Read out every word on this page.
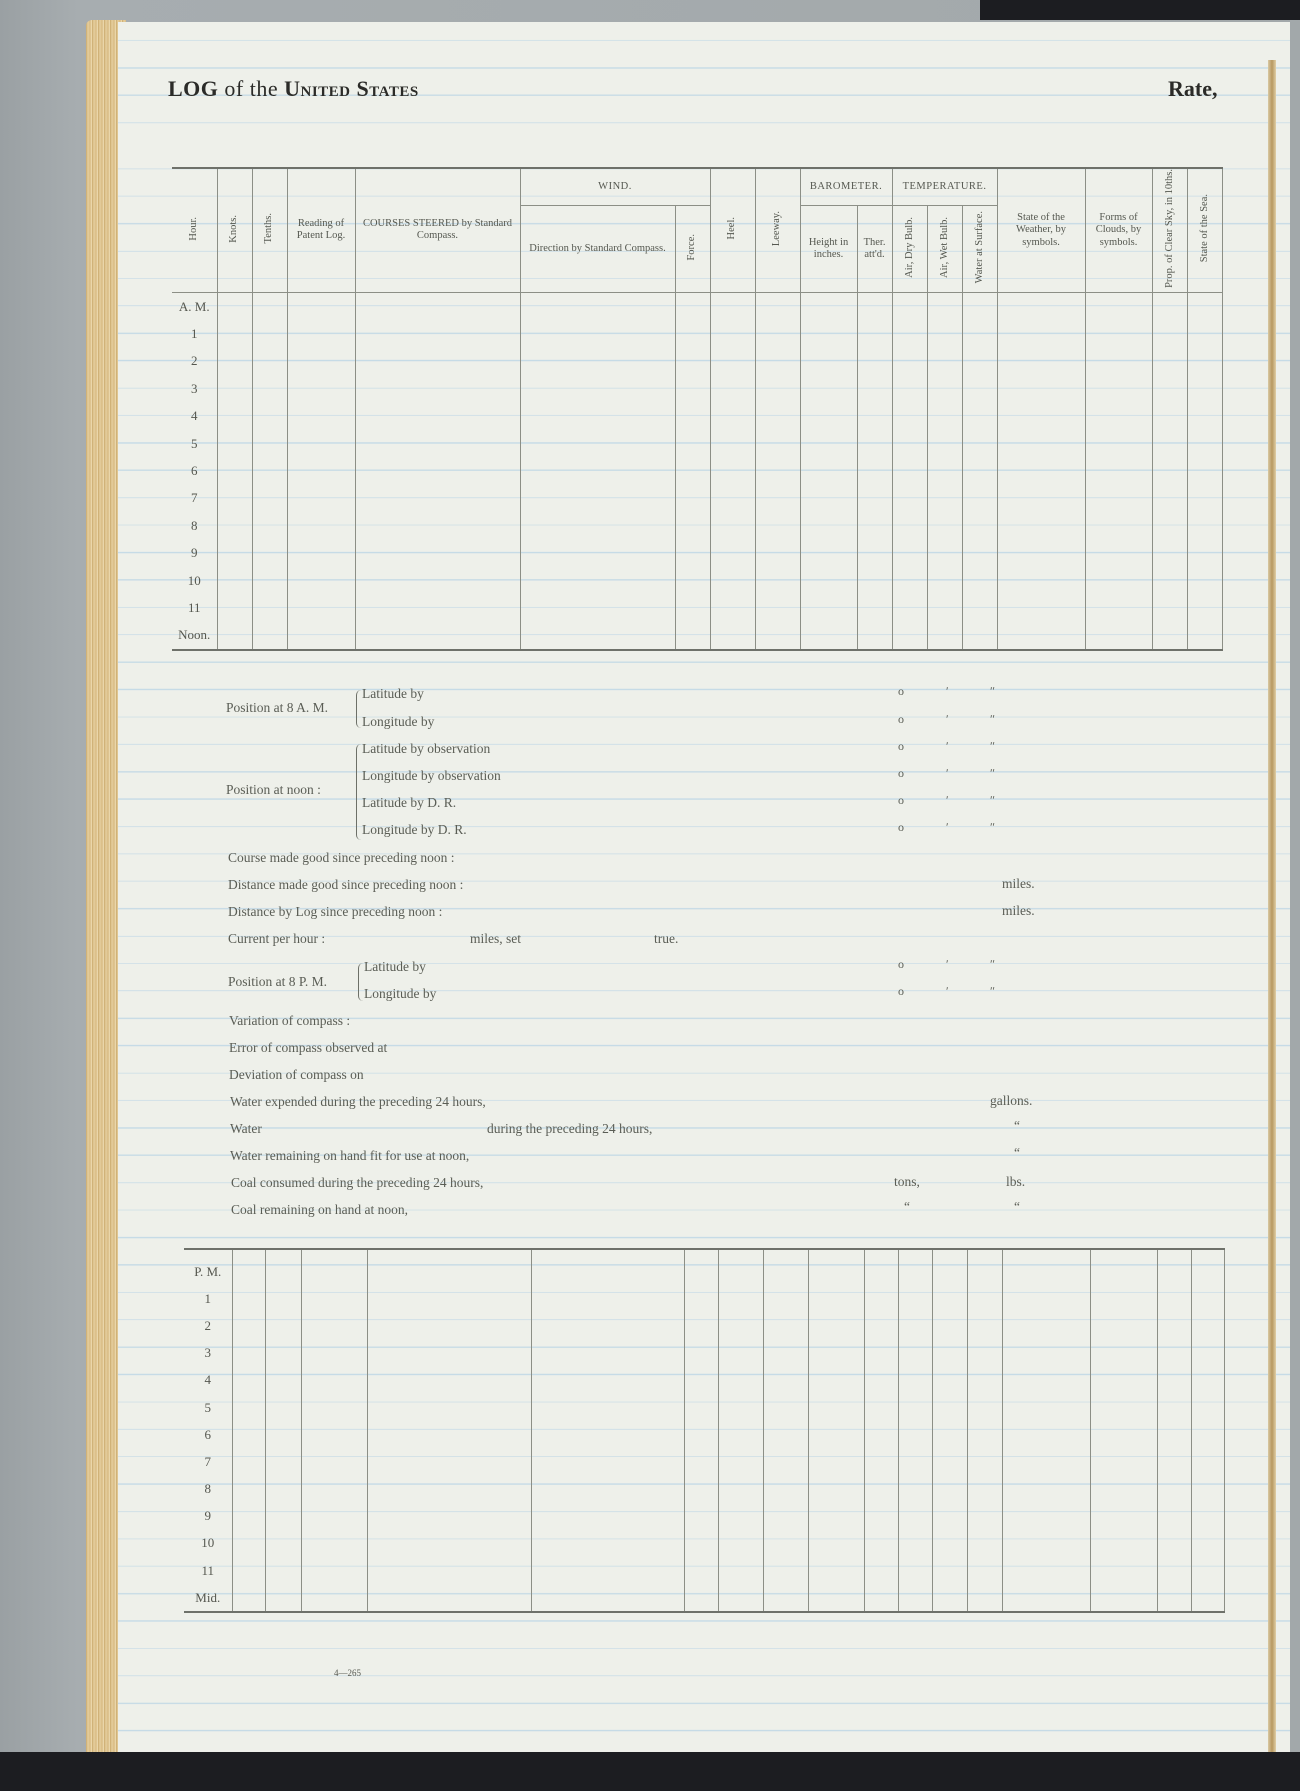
LOG of the United States	Rate,
Hour.	Knots.	Tenths.	Reading of Patent Log.	COURSES STEERED by Standard Compass.	WIND.		Heel.	Leeway.	BAROMETER.		TEMPERATURE.			State of the Weather, by symbols.	Forms of Clouds, by symbols.	Prop. of Clear Sky, in 10ths.	State of the Sea.
					Direction by Standard Compass.	Force.			Height in inches.	Ther. att'd.	Air, Dry Bulb.	Air, Wet Bulb.	Water at Surface.				
A. M.																	
1																	
2																	
3																	
4																	
5																	
6																	
7																	
8																	
9																	
10																	
11																	
Noon.																	
Position at 8 A. M.
Latitude by
Longitude by
Position at noon :
Latitude by observation
Longitude by observation
Latitude by D. R.
Longitude by D. R.
Course made good since preceding noon :
Distance made good since preceding noon :	miles.
Distance by Log since preceding noon :	miles.
Current per hour :	miles, set	true.
Position at 8 P. M.
Latitude by
Longitude by
Variation of compass :
Error of compass observed at
Deviation of compass on
Water expended during the preceding 24 hours,	gallons.
Water	during the preceding 24 hours,	“
Water remaining on hand fit for use at noon,	“
Coal consumed during the preceding 24 hours,	tons,	lbs.
Coal remaining on hand at noon,	“	“
o	ʹ	ʺ
o	ʹ	ʺ
o	ʹ	ʺ
o	ʹ	ʺ
o	ʹ	ʺ
o	ʹ	ʺ
o	ʹ	ʺ
o	ʹ	ʺ

P. M.																	
1																	
2																	
3																	
4																	
5																	
6																	
7																	
8																	
9																	
10																	
11																	
Mid.																	
4—265
